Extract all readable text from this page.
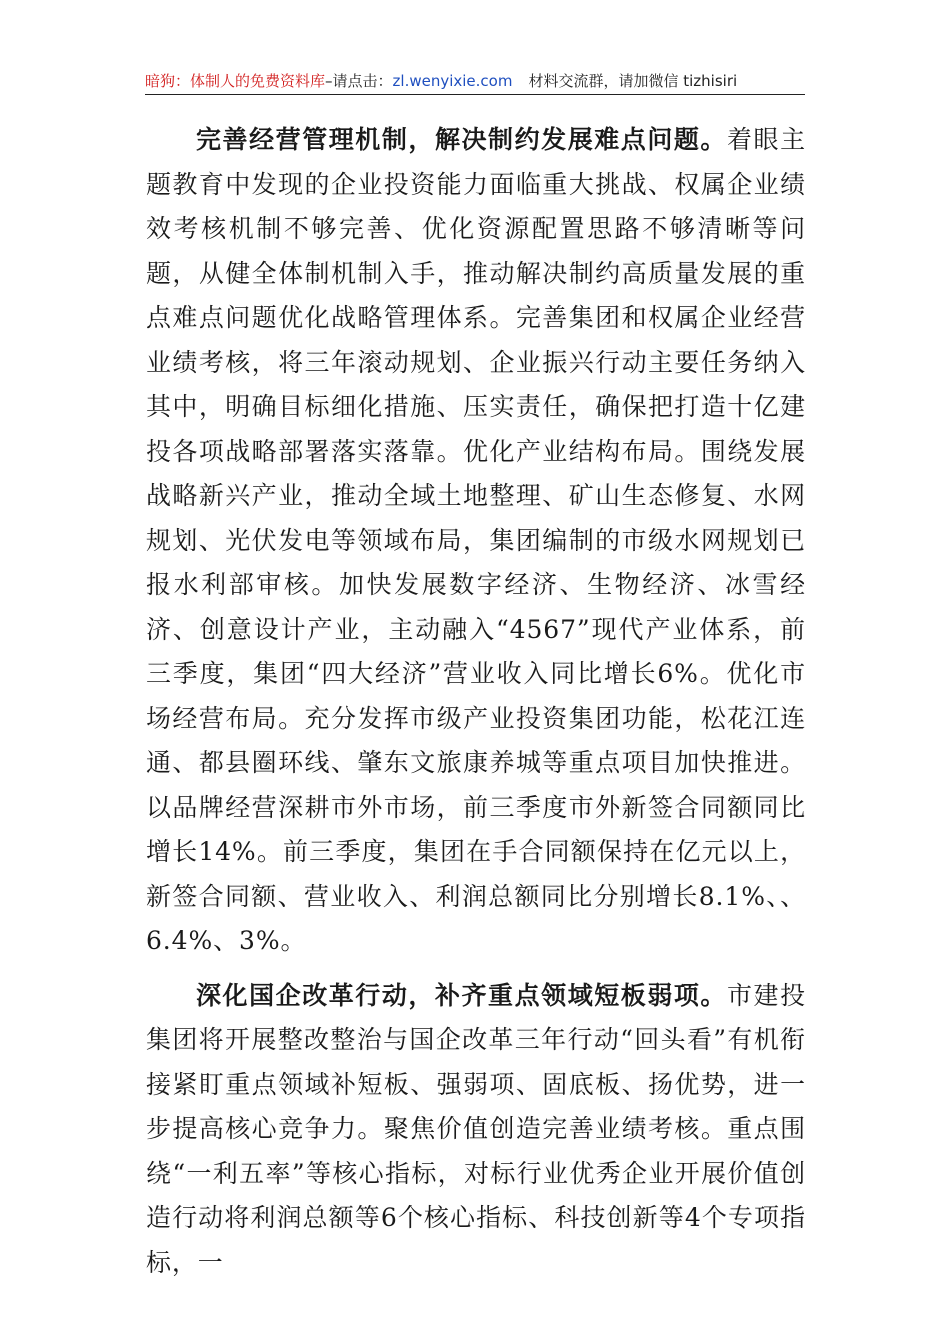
暗狗：体制人的免费资料库–请点击：zl.wenyixie.com 材料交流群，请加微信 tizhisiri

完善经营管理机制，解决制约发展难点问题。着眼主题教育中发现的企业投资能力面临重大挑战、权属企业绩效考核机制不够完善、优化资源配置思路不够清晰等问题，从健全体制机制入手，推动解决制约高质量发展的重点难点问题优化战略管理体系。完善集团和权属企业经营业绩考核，将三年滚动规划、企业振兴行动主要任务纳入其中，明确目标细化措施、压实责任，确保把打造十亿建投各项战略部署落实落靠。优化产业结构布局。围绕发展战略新兴产业，推动全域土地整理、矿山生态修复、水网规划、光伏发电等领域布局，集团编制的市级水网规划已报水利部审核。加快发展数字经济、生物经济、冰雪经济、创意设计产业，主动融入“4567”现代产业体系，前三季度，集团“四大经济”营业收入同比增长6%。优化市场经营布局。充分发挥市级产业投资集团功能，松花江连通、都县圈环线、肇东文旅康养城等重点项目加快推进。以品牌经营深耕市外市场，前三季度市外新签合同额同比增长14%。前三季度，集团在手合同额保持在亿元以上，新签合同额、营业收入、利润总额同比分别增长8.1%、、6.4%、3%。

深化国企改革行动，补齐重点领域短板弱项。市建投集团将开展整改整治与国企改革三年行动“回头看”有机衔接紧盯重点领域补短板、强弱项、固底板、扬优势，进一步提高核心竞争力。聚焦价值创造完善业绩考核。重点围绕“一利五率”等核心指标，对标行业优秀企业开展价值创造行动将利润总额等6个核心指标、科技创新等4个专项指标，一
